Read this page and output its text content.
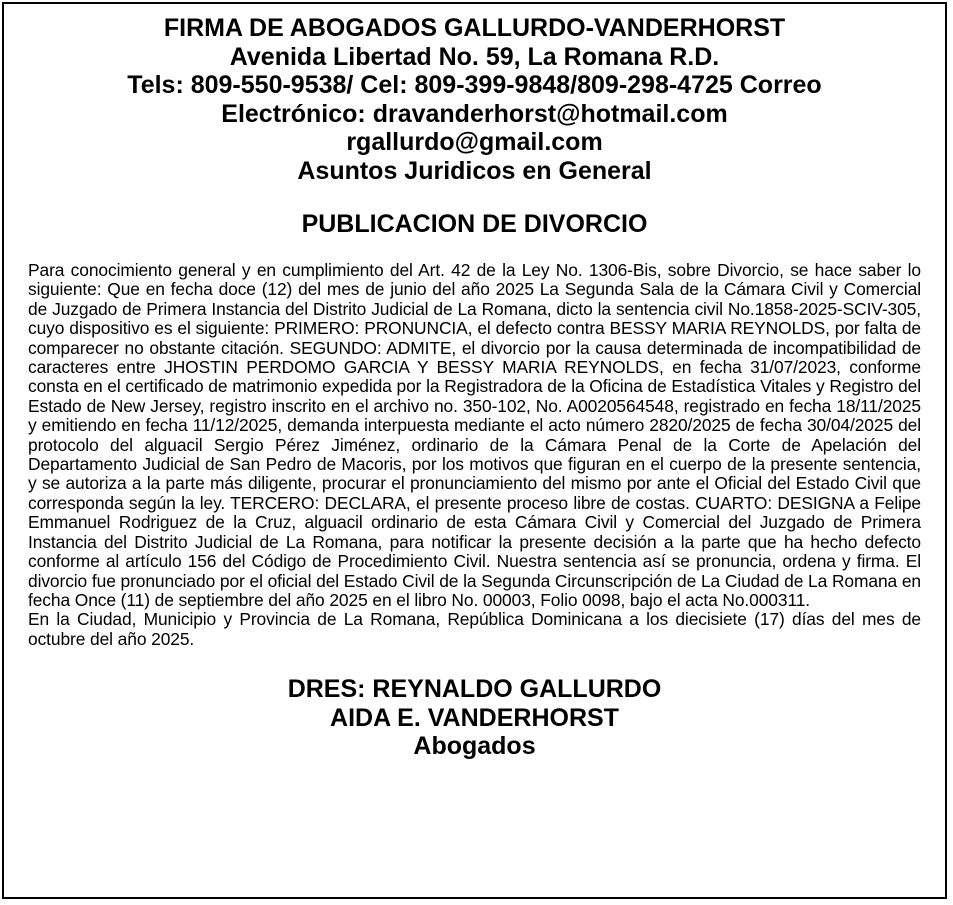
FIRMA DE ABOGADOS GALLURDO-VANDERHORST
Avenida Libertad No. 59, La Romana R.D.
Tels: 809-550-9538/ Cel: 809-399-9848/809-298-4725 Correo
Electrónico: dravanderhorst@hotmail.com
rgallurdo@gmail.com
Asuntos Juridicos en General
PUBLICACION DE DIVORCIO

Para conocimiento general y en cumplimiento del Art. 42 de la Ley No. 1306-Bis, sobre Divorcio, se hace saber lo siguiente: Que en fecha doce (12) del mes de junio del año 2025 La Segunda Sala de la Cámara Civil y Comercial de Juzgado de Primera Instancia del Distrito Judicial de La Romana, dicto la sentencia civil No.1858-2025-SCIV-305, cuyo dispositivo es el siguiente: PRIMERO: PRONUNCIA, el defecto contra BESSY MARIA REYNOLDS, por falta de comparecer no obstante citación. SEGUNDO: ADMITE, el divorcio por la causa determinada de incompatibilidad de caracteres entre JHOSTIN PERDOMO GARCIA Y BESSY MARIA REYNOLDS, en fecha 31/07/2023, conforme consta en el certificado de matrimonio expedida por la Registradora de la Oficina de Estadística Vitales y Registro del Estado de New Jersey, registro inscrito en el archivo no. 350-102, No. A0020564548, registrado en fecha 18/11/2025 y emitiendo en fecha 11/12/2025, demanda interpuesta mediante el acto número 2820/2025 de fecha 30/04/2025 del protocolo del alguacil Sergio Pérez Jiménez, ordinario de la Cámara Penal de la Corte de Apelación del Departamento Judicial de San Pedro de Macoris, por los motivos que figuran en el cuerpo de la presente sentencia, y se autoriza a la parte más diligente, procurar el pronunciamiento del mismo por ante el Oficial del Estado Civil que corresponda según la ley. TERCERO: DECLARA, el presente proceso libre de costas. CUARTO: DESIGNA a Felipe Emmanuel Rodriguez de la Cruz, alguacil ordinario de esta Cámara Civil y Comercial del Juzgado de Primera Instancia del Distrito Judicial de La Romana, para notificar la presente decisión a la parte que ha hecho defecto conforme al artículo 156 del Código de Procedimiento Civil. Nuestra sentencia así se pronuncia, ordena y firma. El divorcio fue pronunciado por el oficial del Estado Civil de la Segunda Circunscripción de La Ciudad de La Romana en fecha Once (11) de septiembre del año 2025 en el libro No. 00003, Folio 0098, bajo el acta No.000311.

En la Ciudad, Municipio y Provincia de La Romana, República Dominicana a los diecisiete (17) días del mes de octubre del año 2025.

DRES: REYNALDO GALLURDO
AIDA E. VANDERHORST
Abogados
